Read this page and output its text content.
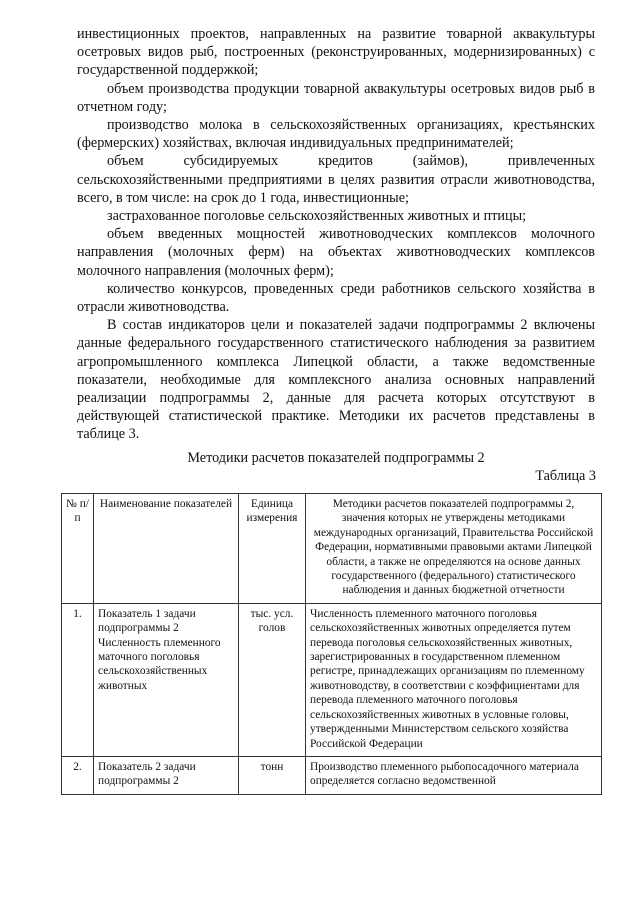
инвестиционных проектов, направленных на развитие товарной аквакультуры осетровых видов рыб, построенных (реконструированных, модернизированных) с государственной поддержкой;

объем производства продукции товарной аквакультуры осетровых видов рыб в отчетном году;

производство молока в сельскохозяйственных организациях, крестьянских (фермерских) хозяйствах, включая индивидуальных предпринимателей;

объем субсидируемых кредитов (займов), привлеченных сельскохозяйственными предприятиями в целях развития отрасли животноводства, всего, в том числе: на срок до 1 года, инвестиционные;

застрахованное поголовье сельскохозяйственных животных и птицы;

объем введенных мощностей животноводческих комплексов молочного направления (молочных ферм) на объектах животноводческих комплексов молочного направления (молочных ферм);

количество конкурсов, проведенных среди работников сельского хозяйства в отрасли животноводства.

В состав индикаторов цели и показателей задачи подпрограммы 2 включены данные федерального государственного статистического наблюдения за развитием агропромышленного комплекса Липецкой области, а также ведомственные показатели, необходимые для комплексного анализа основных направлений реализации подпрограммы 2, данные для расчета которых отсутствуют в действующей статистической практике. Методики их расчетов представлены в таблице 3.

Методики расчетов показателей подпрограммы 2
Таблица 3
№ п/п	Наименование показателей	Единица измерения	Методики расчетов показателей подпрограммы 2, значения которых не утверждены методиками международных организаций, Правительства Российской Федерации, нормативными правовыми актами Липецкой области, а также не определяются на основе данных государственного (федерального) статистического наблюдения и данных бюджетной отчетности
1.	Показатель 1 задачи подпрограммы 2 Численность племенного маточного поголовья сельскохозяйственных животных	тыс. усл. голов	Численность племенного маточного поголовья сельскохозяйственных животных определяется путем перевода поголовья сельскохозяйственных животных, зарегистрированных в государственном племенном регистре, принадлежащих организациям по племенному животноводству, в соответствии с коэффициентами для перевода племенного маточного поголовья сельскохозяйственных животных в условные головы, утвержденными Министерством сельского хозяйства Российской Федерации
2.	Показатель 2 задачи подпрограммы 2	тонн	Производство племенного рыбопосадочного материала определяется согласно ведомственной
